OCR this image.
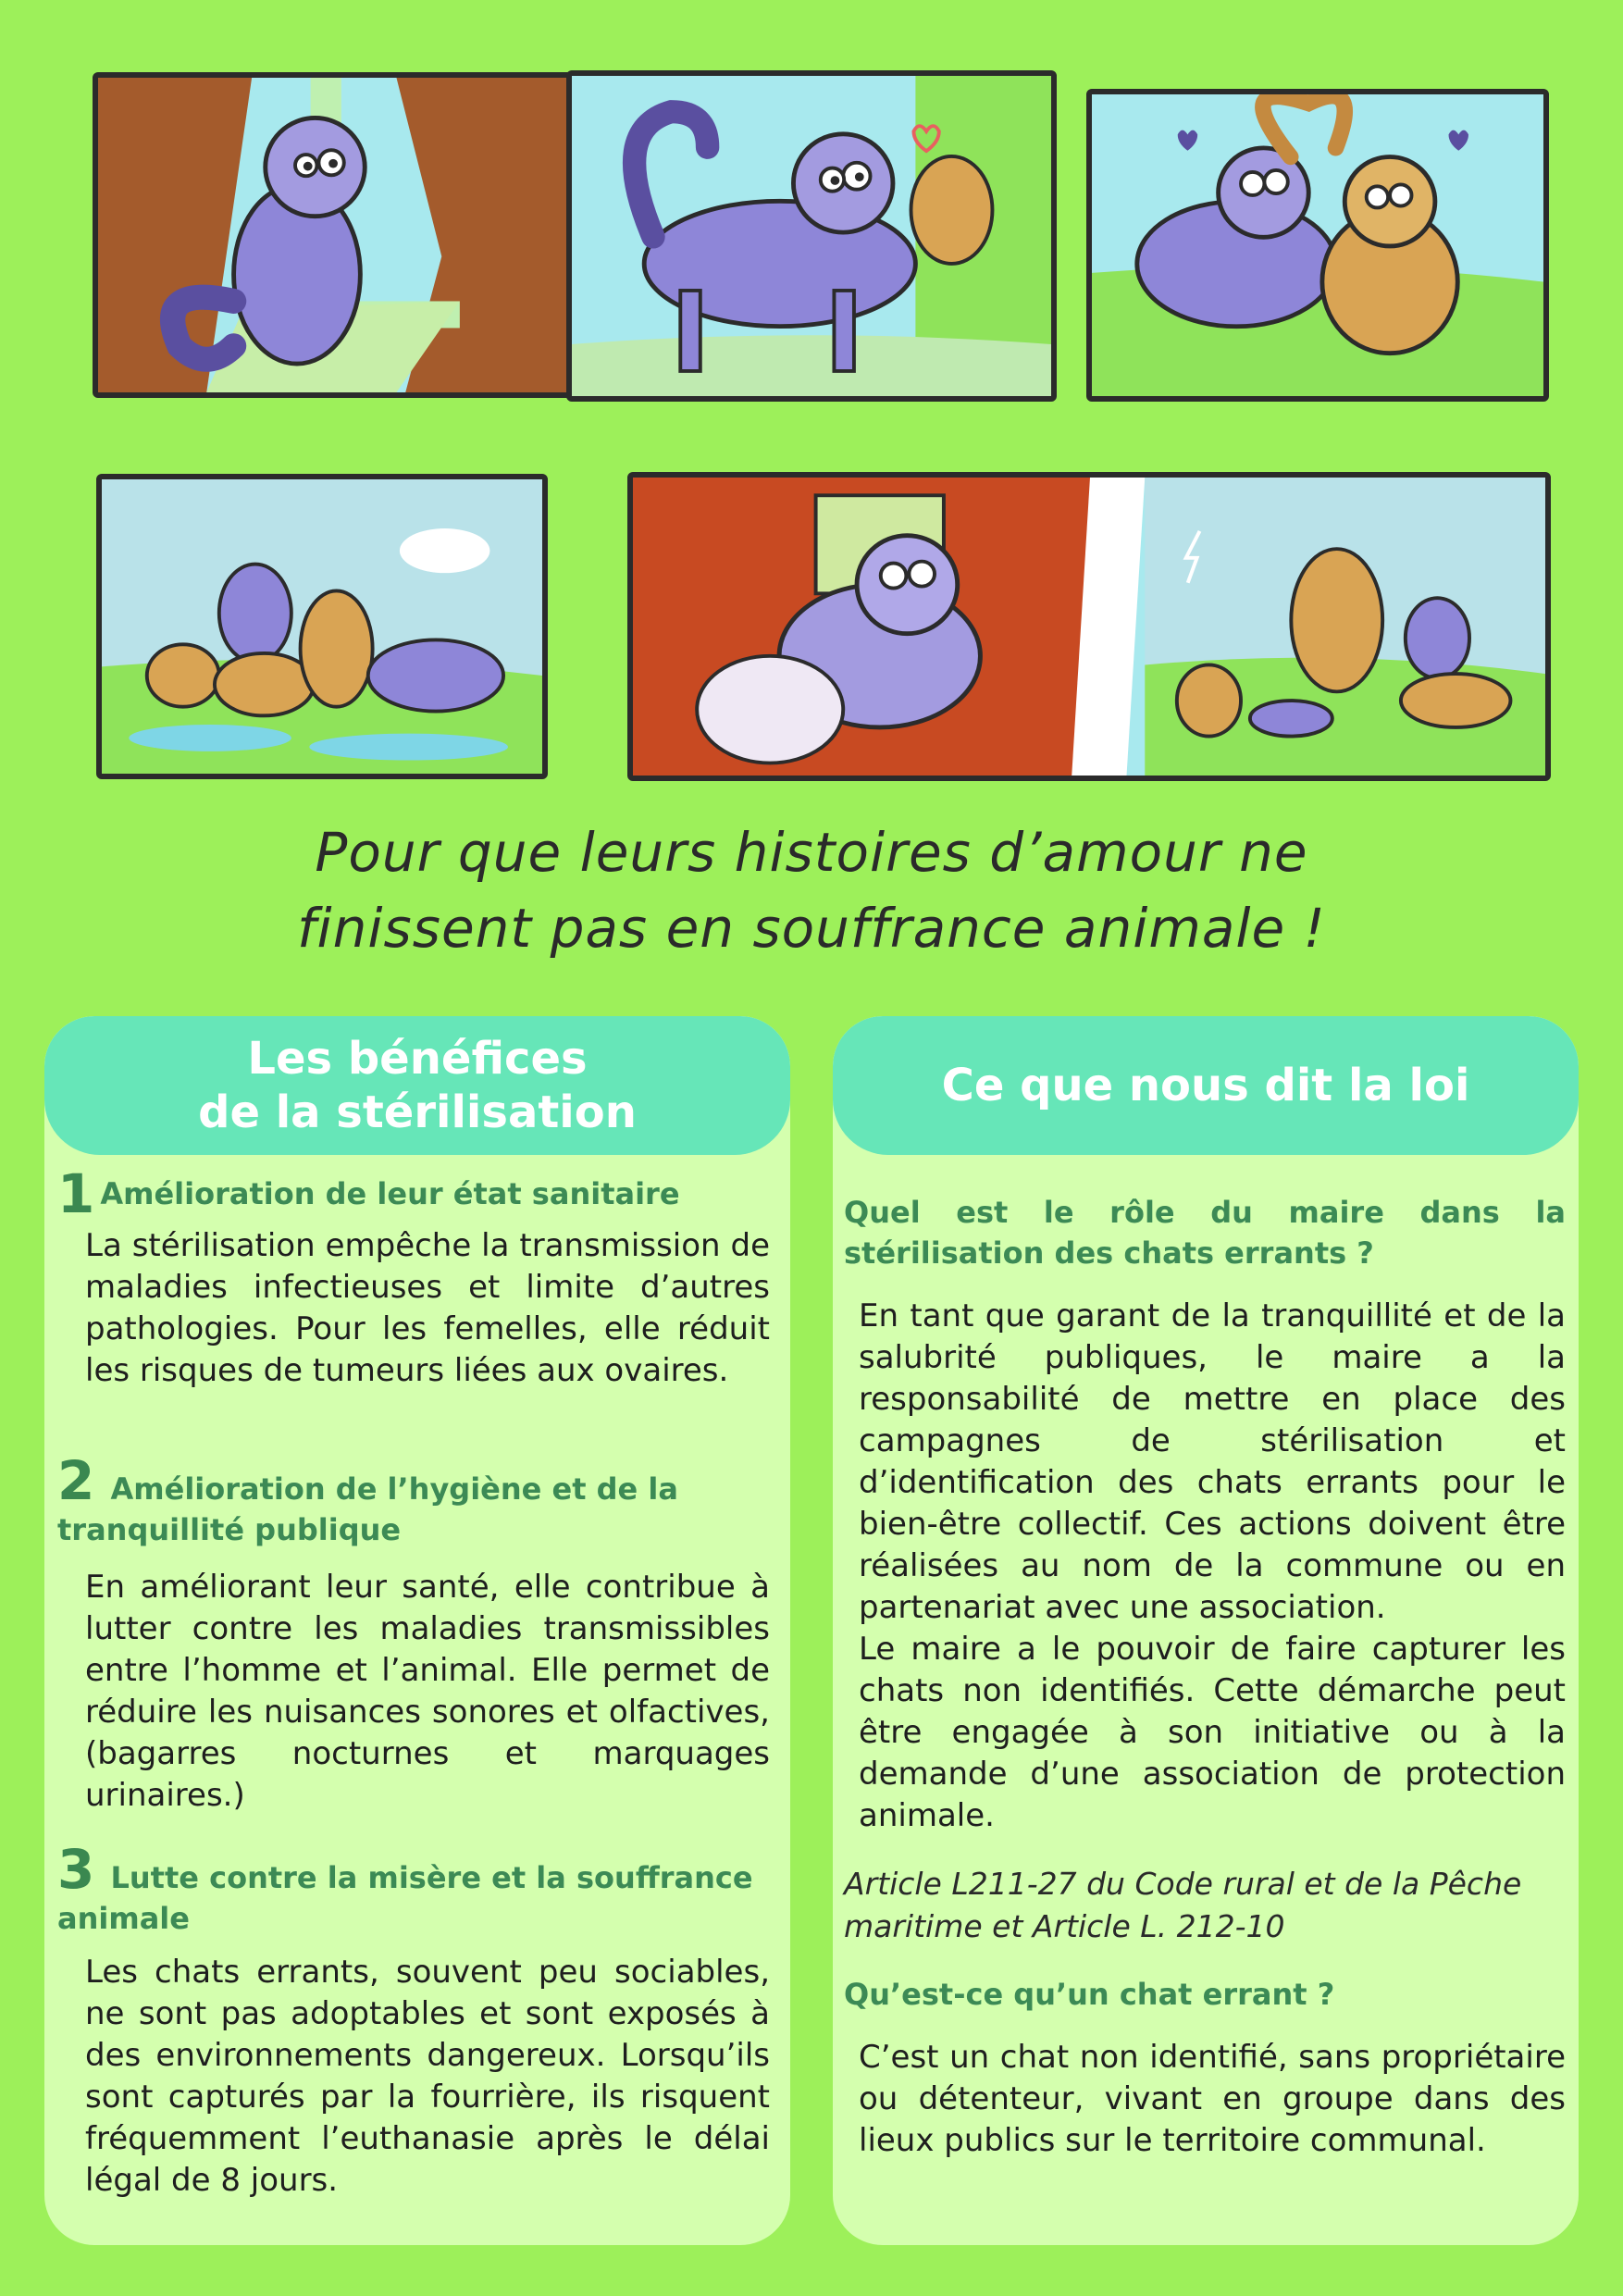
Pour que leurs histoires d’amour ne
finissent pas en souffrance animale !
Les bénéfices
de la stérilisation
1 Amélioration de leur état sanitaire
La stérilisation empêche la transmission de maladies infectieuses et limite d’autres pathologies. Pour les femelles, elle réduit les risques de tumeurs liées aux ovaires.
2 Amélioration de l’hygiène et de la tranquillité publique
En améliorant leur santé, elle contribue à lutter contre les maladies transmissibles entre l’homme et l’animal. Elle permet de réduire les nuisances sonores et olfactives, (bagarres nocturnes et marquages urinaires.)
3 Lutte contre la misère et la souffrance animale
Les chats errants, souvent peu sociables, ne sont pas adoptables et sont exposés à des environnements dangereux. Lorsqu’ils sont capturés par la fourrière, ils risquent fréquemment l’euthanasie après le délai légal de 8 jours.
Ce que nous dit la loi
Quel est le rôle du maire dans la stérilisation des chats errants ?
En tant que garant de la tranquillité et de la salubrité publiques, le maire a la responsabilité de mettre en place des campagnes de stérilisation et d’identification des chats errants pour le bien-être collectif. Ces actions doivent être réalisées au nom de la commune ou en partenariat avec une association.
Le maire a le pouvoir de faire capturer les chats non identifiés. Cette démarche peut être engagée à son initiative ou à la demande d’une association de protection animale.
Article L211-27 du Code rural et de la Pêche maritime et Article L. 212-10
Qu’est-ce qu’un chat errant ?
C’est un chat non identifié, sans propriétaire ou détenteur, vivant en groupe dans des lieux publics sur le territoire communal.
